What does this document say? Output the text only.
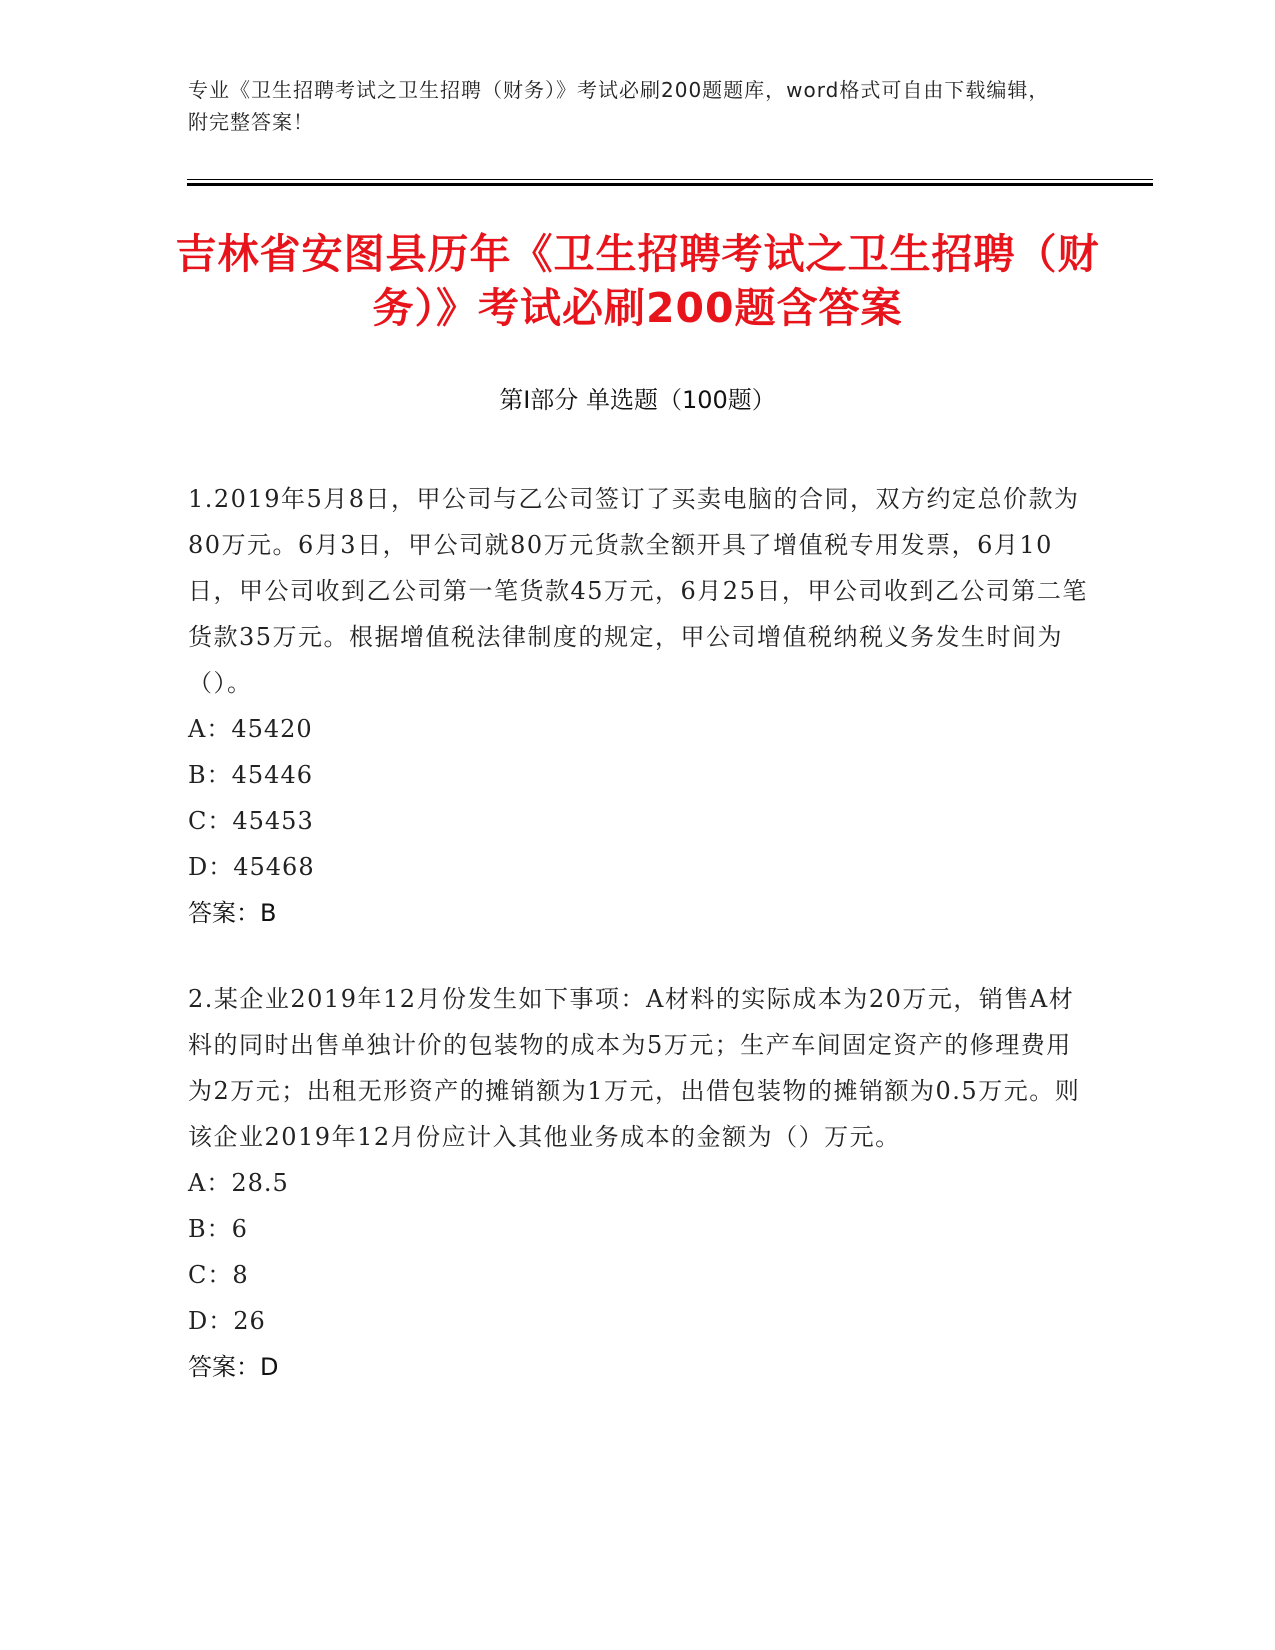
专业《卫生招聘考试之卫生招聘（财务）》考试必刷200题题库，word格式可自由下载编辑，附完整答案！
吉林省安图县历年《卫生招聘考试之卫生招聘（财务）》考试必刷200题含答案
第Ⅰ部分 单选题（100题）
1.2019年5月8日，甲公司与乙公司签订了买卖电脑的合同，双方约定总价款为80万元。6月3日，甲公司就80万元货款全额开具了增值税专用发票，6月10日，甲公司收到乙公司第一笔货款45万元，6月25日，甲公司收到乙公司第二笔货款35万元。根据增值税法律制度的规定，甲公司增值税纳税义务发生时间为（）。
A：45420
B：45446
C：45453
D：45468
答案：B
2.某企业2019年12月份发生如下事项：A材料的实际成本为20万元，销售A材料的同时出售单独计价的包装物的成本为5万元；生产车间固定资产的修理费用为2万元；出租无形资产的摊销额为1万元，出借包装物的摊销额为0.5万元。则该企业2019年12月份应计入其他业务成本的金额为（）万元。
A：28.5
B：6
C：8
D：26
答案：D
